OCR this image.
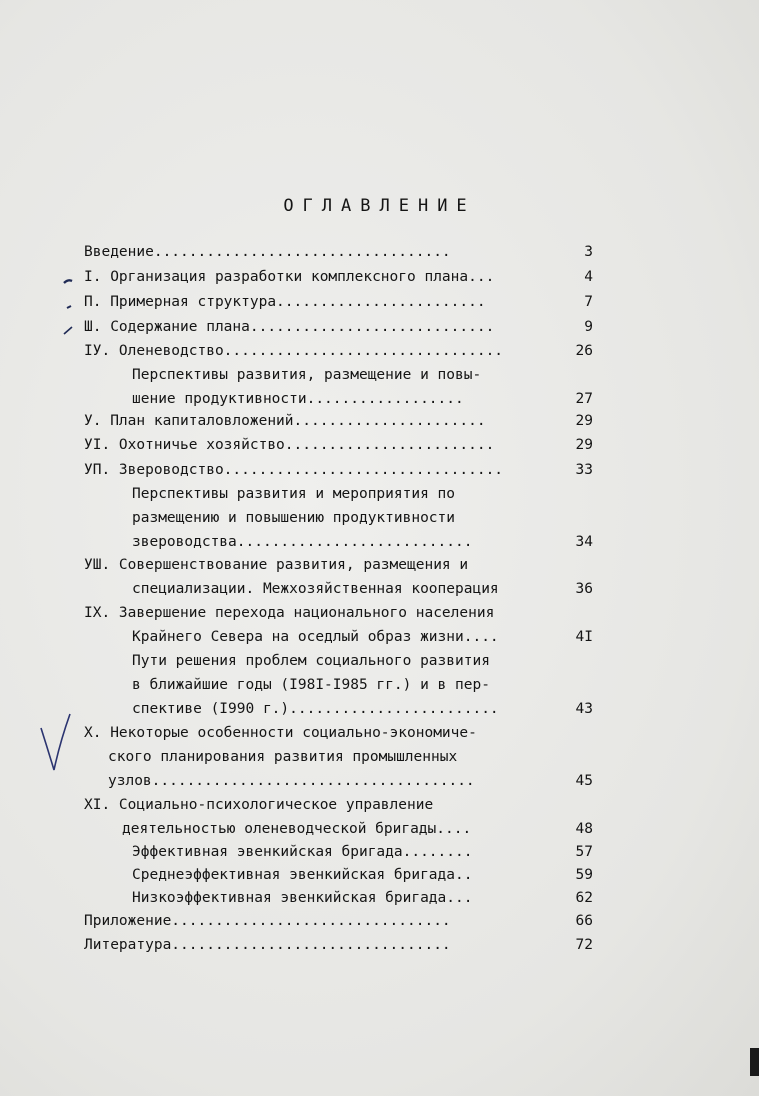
ОГЛАВЛЕНИЕ
Введение..................................	3
I. Организация разработки комплексного плана...	4
П. Примерная структура........................	7
Ш. Содержание плана............................	9
IУ. Оленеводство................................	26
Перспективы развития, размещение и повы-
шение продуктивности..................	27
У. План капиталовложений......................	29
УI. Охотничье хозяйство........................	29
УП. Звероводство................................	33
Перспективы развития и мероприятия по
размещению и повышению продуктивности
звероводства...........................	34
УШ. Совершенствование развития, размещения и
специализации. Межхозяйственная кооперация	36
IX. Завершение перехода национального населения
Крайнего Севера на оседлый образ жизни....	4I
Пути решения проблем социального развития
в ближайшие годы (I98I-I985 гг.) и в пер-
спективе (I990 г.)........................	43
X. Некоторые особенности социально-экономиче-
ского планирования развития промышленных
узлов.....................................	45
XI. Социально-психологическое управление
деятельностью оленеводческой бригады....	48
Эффективная эвенкийская бригада........	57
Среднеэффективная эвенкийская бригада..	59
Низкоэффективная эвенкийская бригада...	62
Приложение................................	66
Литература................................	72
